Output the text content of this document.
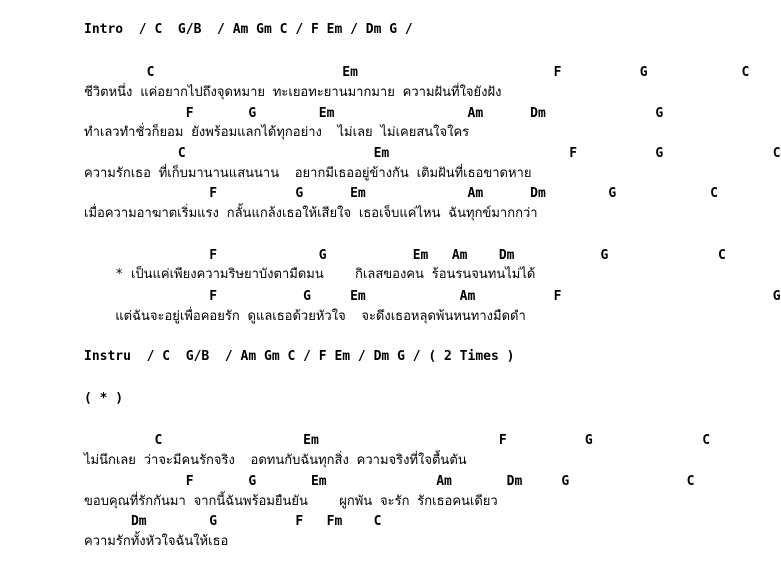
Intro  / C  G/B  / Am Gm C / F Em / Dm G /
C                        Em                         F          G            C
ชีวิตหนึ่ง แค่อยากไปถึงจุดหมาย ทะเยอทะยานมากมาย ความฝันที่ใจยังฝัง
F       G        Em                 Am      Dm              G
ทำเลวทำชั่วก็ยอม ยังพร้อมแลกได้ทุกอย่าง  ไม่เลย ไม่เคยสนใจใคร
C                        Em                       F          G              C
ความรักเธอ ที่เก็บมานานแสนนาน  อยากมีเธออยู่ข้างกัน เติมฝันที่เธอขาดหาย
F          G      Em             Am      Dm        G            C
เมื่อความอาฆาตเริ่มแรง กลั้นแกล้งเธอให้เสียใจ เธอเจ็บแค่ไหน ฉันทุกข์มากกว่า
F             G           Em   Am    Dm           G              C
* เป็นแค่เพียงความริษยาบังตามืดมน    กิเลสของคน ร้อนรนจนทนไม่ได้
F           G     Em            Am          F                           G
แต่ฉันจะอยู่เพื่อคอยรัก ดูแลเธอด้วยหัวใจ  จะดึงเธอหลุดพ้นหนทางมืดดำ
Instru  / C  G/B  / Am Gm C / F Em / Dm G / ( 2 Times )
( * )
C                  Em                       F          G              C
ไม่นึกเลย ว่าจะมีคนรักจริง  อดทนกับฉันทุกสิ่ง ความจริงที่ใจตื้นตัน
F       G       Em              Am       Dm     G               C
ขอบคุณที่รักกันมา จากนี้ฉันพร้อมยืนยัน    ผูกพัน จะรัก รักเธอคนเดียว
Dm        G          F   Fm    C
ความรักทั้งหัวใจฉันให้เธอ
